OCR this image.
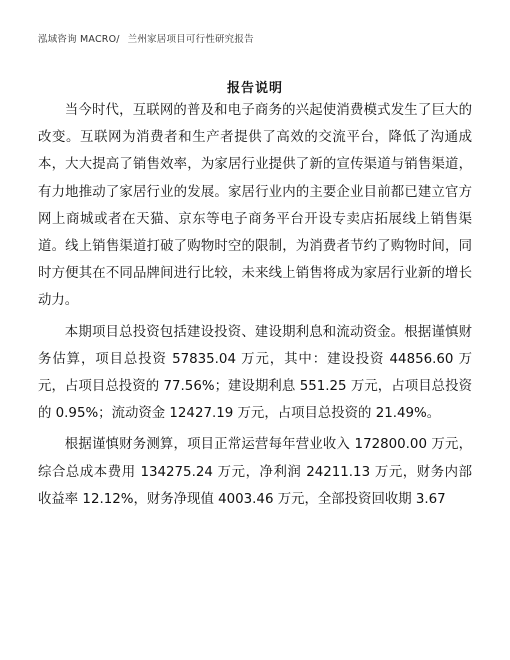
泓域咨询 MACRO/ 兰州家居项目可行性研究报告
报告说明

当今时代，互联网的普及和电子商务的兴起使消费模式发生了巨大的改变。互联网为消费者和生产者提供了高效的交流平台，降低了沟通成本，大大提高了销售效率，为家居行业提供了新的宣传渠道与销售渠道，有力地推动了家居行业的发展。家居行业内的主要企业目前都已建立官方网上商城或者在天猫、京东等电子商务平台开设专卖店拓展线上销售渠道。线上销售渠道打破了购物时空的限制，为消费者节约了购物时间，同时方便其在不同品牌间进行比较，未来线上销售将成为家居行业新的增长动力。

本期项目总投资包括建设投资、建设期利息和流动资金。根据谨慎财务估算，项目总投资 57835.04 万元，其中：建设投资 44856.60 万元，占项目总投资的 77.56%；建设期利息 551.25 万元，占项目总投资的 0.95%；流动资金 12427.19 万元，占项目总投资的 21.49%。

根据谨慎财务测算，项目正常运营每年营业收入 172800.00 万元，综合总成本费用 134275.24 万元，净利润 24211.13 万元，财务内部收益率 12.12%，财务净现值 4003.46 万元，全部投资回收期 3.67
